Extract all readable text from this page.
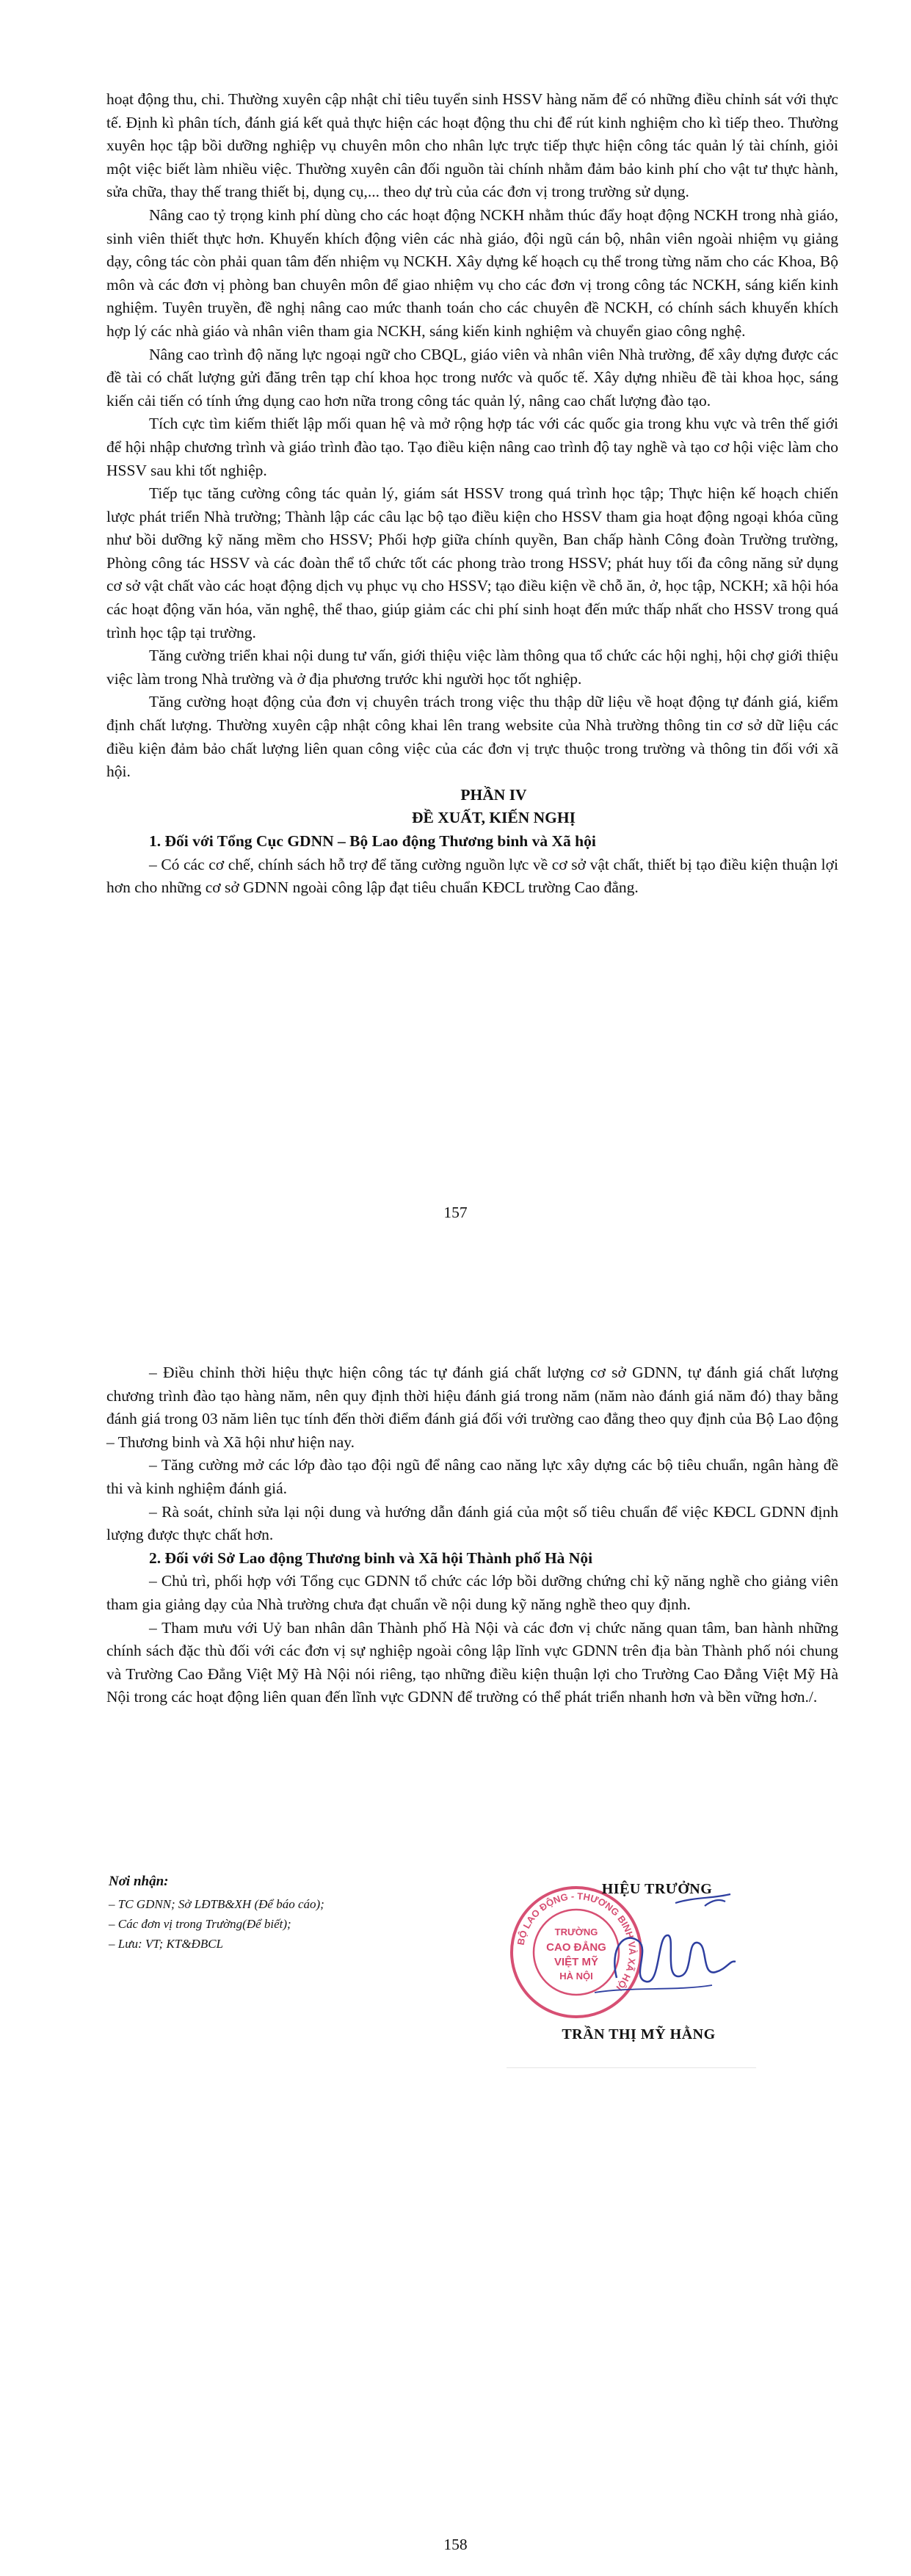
hoạt động thu, chi. Thường xuyên cập nhật chỉ tiêu tuyển sinh HSSV hàng năm để có những điều chỉnh sát với thực tế. Định kì phân tích, đánh giá kết quả thực hiện các hoạt động thu chi để rút kinh nghiệm cho kì tiếp theo. Thường xuyên học tập bồi dưỡng nghiệp vụ chuyên môn cho nhân lực trực tiếp thực hiện công tác quản lý tài chính, giỏi một việc biết làm nhiều việc. Thường xuyên cân đối nguồn tài chính nhằm đảm bảo kinh phí cho vật tư thực hành, sửa chữa, thay thế trang thiết bị, dụng cụ,... theo dự trù của các đơn vị trong trường sử dụng.

Nâng cao tỷ trọng kinh phí dùng cho các hoạt động NCKH nhằm thúc đẩy hoạt động NCKH trong nhà giáo, sinh viên thiết thực hơn. Khuyến khích động viên các nhà giáo, đội ngũ cán bộ, nhân viên ngoài nhiệm vụ giảng dạy, công tác còn phải quan tâm đến nhiệm vụ NCKH. Xây dựng kế hoạch cụ thể trong từng năm cho các Khoa, Bộ môn và các đơn vị phòng ban chuyên môn để giao nhiệm vụ cho các đơn vị trong công tác NCKH, sáng kiến kinh nghiệm. Tuyên truyền, đề nghị nâng cao mức thanh toán cho các chuyên đề NCKH, có chính sách khuyến khích hợp lý các nhà giáo và nhân viên tham gia NCKH, sáng kiến kinh nghiệm và chuyển giao công nghệ.

Nâng cao trình độ năng lực ngoại ngữ cho CBQL, giáo viên và nhân viên Nhà trường, để xây dựng được các đề tài có chất lượng gửi đăng trên tạp chí khoa học trong nước và quốc tế. Xây dựng nhiều đề tài khoa học, sáng kiến cải tiến có tính ứng dụng cao hơn nữa trong công tác quản lý, nâng cao chất lượng đào tạo.

Tích cực tìm kiếm thiết lập mối quan hệ và mở rộng hợp tác với các quốc gia trong khu vực và trên thế giới để hội nhập chương trình và giáo trình đào tạo. Tạo điều kiện nâng cao trình độ tay nghề và tạo cơ hội việc làm cho HSSV sau khi tốt nghiệp.

Tiếp tục tăng cường công tác quản lý, giám sát HSSV trong quá trình học tập; Thực hiện kế hoạch chiến lược phát triển Nhà trường; Thành lập các câu lạc bộ tạo điều kiện cho HSSV tham gia hoạt động ngoại khóa cũng như bồi dưỡng kỹ năng mềm cho HSSV; Phối hợp giữa chính quyền, Ban chấp hành Công đoàn Trường trường, Phòng công tác HSSV và các đoàn thể tổ chức tốt các phong trào trong HSSV; phát huy tối đa công năng sử dụng cơ sở vật chất vào các hoạt động dịch vụ phục vụ cho HSSV; tạo điều kiện về chỗ ăn, ở, học tập, NCKH; xã hội hóa các hoạt động văn hóa, văn nghệ, thể thao, giúp giảm các chi phí sinh hoạt đến mức thấp nhất cho HSSV trong quá trình học tập tại trường.

Tăng cường triển khai nội dung tư vấn, giới thiệu việc làm thông qua tổ chức các hội nghị, hội chợ giới thiệu việc làm trong Nhà trường và ở địa phương trước khi người học tốt nghiệp.

Tăng cường hoạt động của đơn vị chuyên trách trong việc thu thập dữ liệu về hoạt động tự đánh giá, kiểm định chất lượng. Thường xuyên cập nhật công khai lên trang website của Nhà trường thông tin cơ sở dữ liệu các điều kiện đảm bảo chất lượng liên quan công việc của các đơn vị trực thuộc trong trường và thông tin đối với xã hội.

PHẦN IV

ĐỀ XUẤT, KIẾN NGHỊ

1. Đối với Tổng Cục GDNN – Bộ Lao động Thương binh và Xã hội

– Có các cơ chế, chính sách hỗ trợ để tăng cường nguồn lực về cơ sở vật chất, thiết bị tạo điều kiện thuận lợi hơn cho những cơ sở GDNN ngoài công lập đạt tiêu chuẩn KĐCL trường Cao đẳng.

157

– Điều chỉnh thời hiệu thực hiện công tác tự đánh giá chất lượng cơ sở GDNN, tự đánh giá chất lượng chương trình đào tạo hàng năm, nên quy định thời hiệu đánh giá trong năm (năm nào đánh giá năm đó) thay bằng đánh giá trong 03 năm liên tục tính đến thời điểm đánh giá đối với trường cao đẳng theo quy định của Bộ Lao động – Thương binh và Xã hội như hiện nay.

– Tăng cường mở các lớp đào tạo đội ngũ để nâng cao năng lực xây dựng các bộ tiêu chuẩn, ngân hàng đề thi và kinh nghiệm đánh giá.

– Rà soát, chỉnh sửa lại nội dung và hướng dẫn đánh giá của một số tiêu chuẩn để việc KĐCL GDNN định lượng được thực chất hơn.

2. Đối với Sở Lao động Thương binh và Xã hội Thành phố Hà Nội

– Chủ trì, phối hợp với Tổng cục GDNN tổ chức các lớp bồi dưỡng chứng chỉ kỹ năng nghề cho giảng viên tham gia giảng dạy của Nhà trường chưa đạt chuẩn về nội dung kỹ năng nghề theo quy định.

– Tham mưu với Uỷ ban nhân dân Thành phố Hà Nội và các đơn vị chức năng quan tâm, ban hành những chính sách đặc thù đối với các đơn vị sự nghiệp ngoài công lập lĩnh vực GDNN trên địa bàn Thành phố nói chung và Trường Cao Đẳng Việt Mỹ Hà Nội nói riêng, tạo những điều kiện thuận lợi cho Trường Cao Đẳng Việt Mỹ Hà Nội trong các hoạt động liên quan đến lĩnh vực GDNN để trường có thể phát triển nhanh hơn và bền vững hơn./.

Nơi nhận:
– TC GDNN; Sở LĐTB&XH (Để báo cáo);
– Các đơn vị trong Trường(Để biết);
– Lưu: VT; KT&ĐBCL	BỘ LAO ĐỘNG - THƯƠNG BINH VÀ XÃ HỘI
TRƯỜNG
CAO ĐẲNG
VIỆT MỸ
HÀ NỘI
HIỆU TRƯỞNG
TRẦN THỊ MỸ HẰNG
158
